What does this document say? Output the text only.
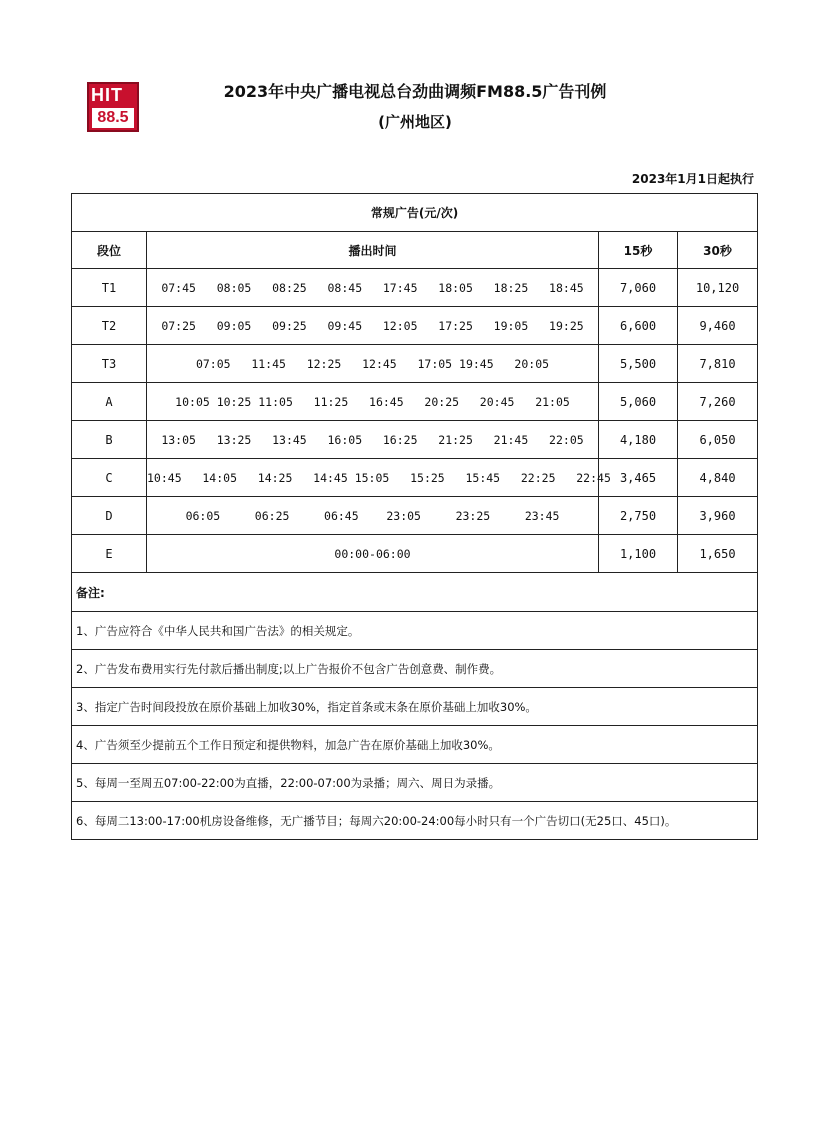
HIT
88.5
2023年中央广播电视总台劲曲调频FM88.5广告刊例
(广州地区)
2023年1月1日起执行
常规广告(元/次)			
段位	播出时间	15秒	30秒
T1	07:45   08:05   08:25   08:45   17:45   18:05   18:25   18:45	7,060	10,120
T2	07:25   09:05   09:25   09:45   12:05   17:25   19:05   19:25	6,600	9,460
T3	07:05   11:45   12:25   12:45   17:05 19:45   20:05	5,500	7,810
A	10:05 10:25 11:05   11:25   16:45   20:25   20:45   21:05	5,060	7,260
B	13:05   13:25   13:45   16:05   16:25   21:25   21:45   22:05	4,180	6,050
C	10:45   14:05   14:25   14:45 15:05   15:25   15:45   22:25   22:45	3,465	4,840
D	06:05     06:25     06:45    23:05     23:25     23:45	2,750	3,960
E	00:00-06:00	1,100	1,650
备注:			
1、广告应符合《中华人民共和国广告法》的相关规定。			
2、广告发布费用实行先付款后播出制度;以上广告报价不包含广告创意费、制作费。			
3、指定广告时间段投放在原价基础上加收30%，指定首条或末条在原价基础上加收30%。			
4、广告须至少提前五个工作日预定和提供物料，加急广告在原价基础上加收30%。			
5、每周一至周五07:00-22:00为直播，22:00-07:00为录播；周六、周日为录播。			
6、每周二13:00-17:00机房设备维修，无广播节目；每周六20:00-24:00每小时只有一个广告切口(无25口、45口)。			
